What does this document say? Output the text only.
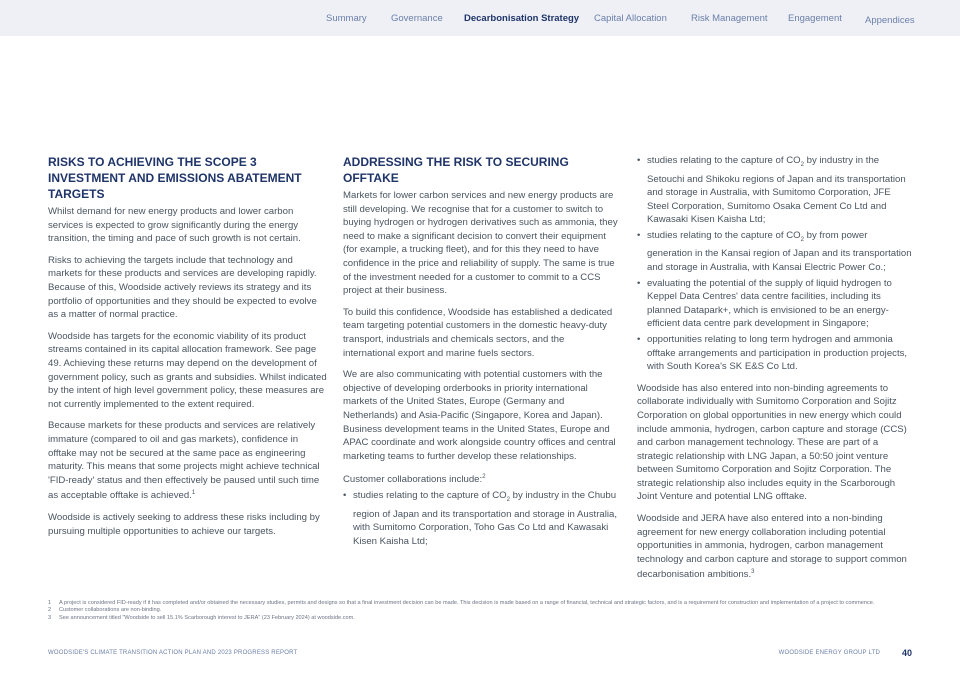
Summary	Governance Decarbonisation Strategy Capital Allocation	Risk Management Engagement Appendices
RISKS TO ACHIEVING THE SCOPE 3 INVESTMENT AND EMISSIONS ABATEMENT TARGETS

Whilst demand for new energy products and lower carbon services is expected to grow significantly during the energy transition, the timing and pace of such growth is not certain.

Risks to achieving the targets include that technology and markets for these products and services are developing rapidly. Because of this, Woodside actively reviews its strategy and its portfolio of opportunities and they should be expected to evolve as a matter of normal practice.

Woodside has targets for the economic viability of its product streams contained in its capital allocation framework. See page 49. Achieving these returns may depend on the development of government policy, such as grants and subsidies. Whilst indicated by the intent of high level government policy, these measures are not currently implemented to the extent required.

Because markets for these products and services are relatively immature (compared to oil and gas markets), confidence in offtake may not be secured at the same pace as engineering maturity. This means that some projects might achieve technical 'FID-ready' status and then effectively be paused until such time as acceptable offtake is achieved.$^1$

Woodside is actively seeking to address these risks including by pursuing multiple opportunities to achieve our targets.

ADDRESSING THE RISK TO SECURING OFFTAKE

Markets for lower carbon services and new energy products are still developing. We recognise that for a customer to switch to buying hydrogen or hydrogen derivatives such as ammonia, they need to make a significant decision to convert their equipment (for example, a trucking fleet), and for this they need to have confidence in the price and reliability of supply. The same is true of the investment needed for a customer to commit to a CCS project at their business.

To build this confidence, Woodside has established a dedicated team targeting potential customers in the domestic heavy-duty transport, industrials and chemicals sectors, and the international export and marine fuels sectors.

We are also communicating with potential customers with the objective of developing orderbooks in priority international markets of the United States, Europe (Germany and Netherlands) and Asia-Pacific (Singapore, Korea and Japan). Business development teams in the United States, Europe and APAC coordinate and work alongside country offices and central marketing teams to further develop these relationships.

Customer collaborations include:$^2$

• studies relating to the capture of $CO_2$ by industry in the Chubu region of Japan and its transportation and storage in Australia, with Sumitomo Corporation, Toho Gas Co Ltd and Kawasaki Kisen Kaisha Ltd;
• studies relating to the capture of $CO_2$ by industry in the Setouchi and Shikoku regions of Japan and its transportation and storage in Australia, with Sumitomo Corporation, JFE Steel Corporation, Sumitomo Osaka Cement Co Ltd and Kawasaki Kisen Kaisha Ltd;
• studies relating to the capture of $CO_2$ by from power generation in the Kansai region of Japan and its transportation and storage in Australia, with Kansai Electric Power Co.;
• evaluating the potential of the supply of liquid hydrogen to Keppel Data Centres' data centre facilities, including its planned Datapark+, which is envisioned to be an energy-efficient data centre park development in Singapore;
• opportunities relating to long term hydrogen and ammonia offtake arrangements and participation in production projects, with South Korea's SK E&S Co Ltd.

Woodside has also entered into non-binding agreements to collaborate individually with Sumitomo Corporation and Sojitz Corporation on global opportunities in new energy which could include ammonia, hydrogen, carbon capture and storage (CCS) and carbon management technology. These are part of a strategic relationship with LNG Japan, a 50:50 joint venture between Sumitomo Corporation and Sojitz Corporation. The strategic relationship also includes equity in the Scarborough Joint Venture and potential LNG offtake.

Woodside and JERA have also entered into a non-binding agreement for new energy collaboration including potential opportunities in ammonia, hydrogen, carbon management technology and carbon capture and storage to support common decarbonisation ambitions.$^3$

1	A project is considered FID-ready if it has completed and/or obtained the necessary studies, permits and designs so that a final investment decision can be made. This decision is made based on a range of financial, technical and strategic factors, and is a requirement for construction and implementation of a project to commence.
2	Customer collaborations are non-binding.
3	See announcement titled "Woodside to sell 15.1% Scarborough interest to JERA" (23 February 2024) at woodside.com.
WOODSIDE'S CLIMATE TRANSITION ACTION PLAN AND 2023 PROGRESS REPORT	WOODSIDE ENERGY GROUP LTD 40
